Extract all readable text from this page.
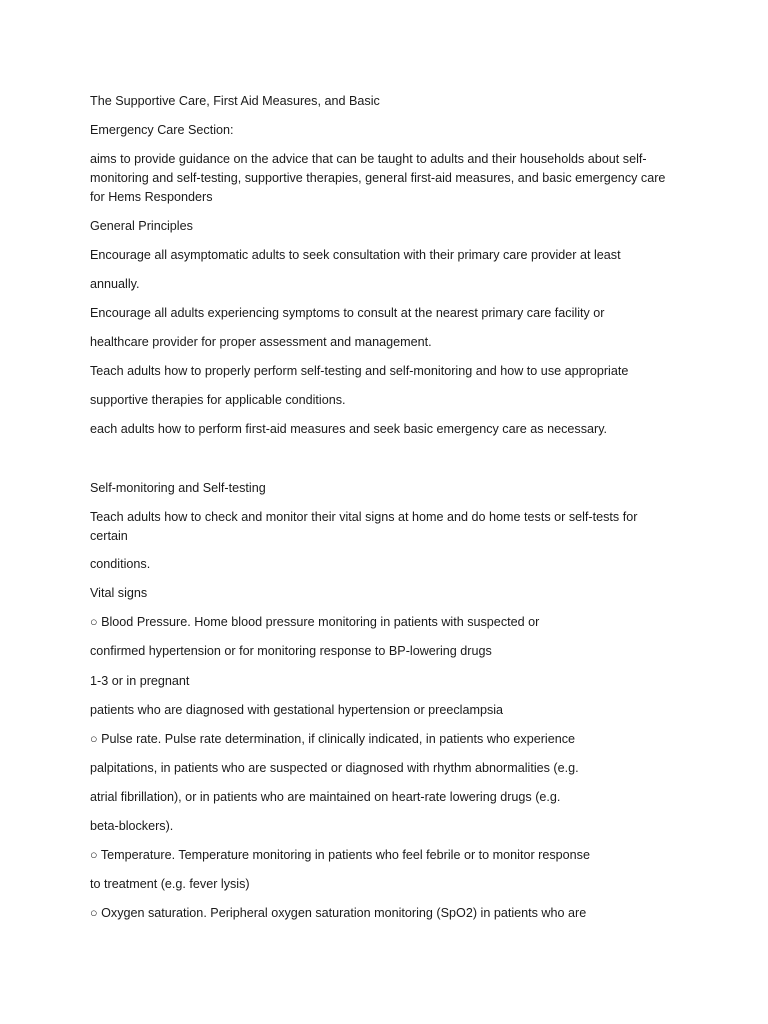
The Supportive Care, First Aid Measures, and Basic
Emergency Care Section:
aims to provide guidance on the advice that can be taught to adults and their households about self-monitoring and self-testing, supportive therapies, general first-aid measures, and basic emergency care for Hems Responders
General Principles
Encourage all asymptomatic adults to seek consultation with their primary care provider at least
annually.
Encourage all adults experiencing symptoms to consult at the nearest primary care facility or
healthcare provider for proper assessment and management.
Teach adults how to properly perform self-testing and self-monitoring and how to use appropriate
supportive therapies for applicable conditions.
each adults how to perform first-aid measures and seek basic emergency care as necessary.
Self-monitoring and Self-testing
Teach adults how to check and monitor their vital signs at home and do home tests or self-tests for certain
conditions.
Vital signs
○ Blood Pressure. Home blood pressure monitoring in patients with suspected or
confirmed hypertension or for monitoring response to BP-lowering drugs
1-3 or in pregnant
patients who are diagnosed with gestational hypertension or preeclampsia
○ Pulse rate. Pulse rate determination, if clinically indicated, in patients who experience
palpitations, in patients who are suspected or diagnosed with rhythm abnormalities (e.g.
atrial fibrillation), or in patients who are maintained on heart-rate lowering drugs (e.g.
beta-blockers).
○ Temperature. Temperature monitoring in patients who feel febrile or to monitor response
to treatment (e.g. fever lysis)
○ Oxygen saturation. Peripheral oxygen saturation monitoring (SpO2) in patients who are
